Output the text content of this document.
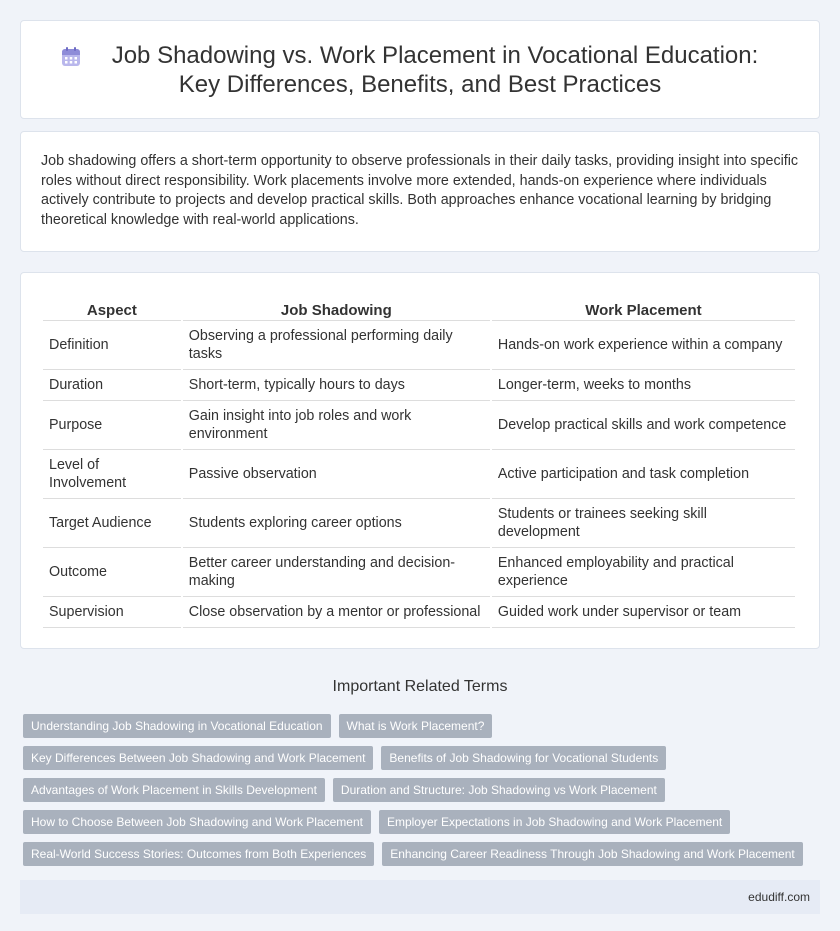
Job Shadowing vs. Work Placement in Vocational Education: Key Differences, Benefits, and Best Practices

Job shadowing offers a short-term opportunity to observe professionals in their daily tasks, providing insight into specific roles without direct responsibility. Work placements involve more extended, hands-on experience where individuals actively contribute to projects and develop practical skills. Both approaches enhance vocational learning by bridging theoretical knowledge with real-world applications.

Aspect	Job Shadowing	Work Placement
Definition	Observing a professional performing daily tasks	Hands-on work experience within a company
Duration	Short-term, typically hours to days	Longer-term, weeks to months
Purpose	Gain insight into job roles and work environment	Develop practical skills and work competence
Level of Involvement	Passive observation	Active participation and task completion
Target Audience	Students exploring career options	Students or trainees seeking skill development
Outcome	Better career understanding and decision-making	Enhanced employability and practical experience
Supervision	Close observation by a mentor or professional	Guided work under supervisor or team
Important Related Terms
Understanding Job Shadowing in Vocational Education	What is Work Placement?
Key Differences Between Job Shadowing and Work Placement	Benefits of Job Shadowing for Vocational Students
Advantages of Work Placement in Skills Development	Duration and Structure: Job Shadowing vs Work Placement
How to Choose Between Job Shadowing and Work Placement	Employer Expectations in Job Shadowing and Work Placement
Real-World Success Stories: Outcomes from Both Experiences	Enhancing Career Readiness Through Job Shadowing and Work Placement
edudiff.com
